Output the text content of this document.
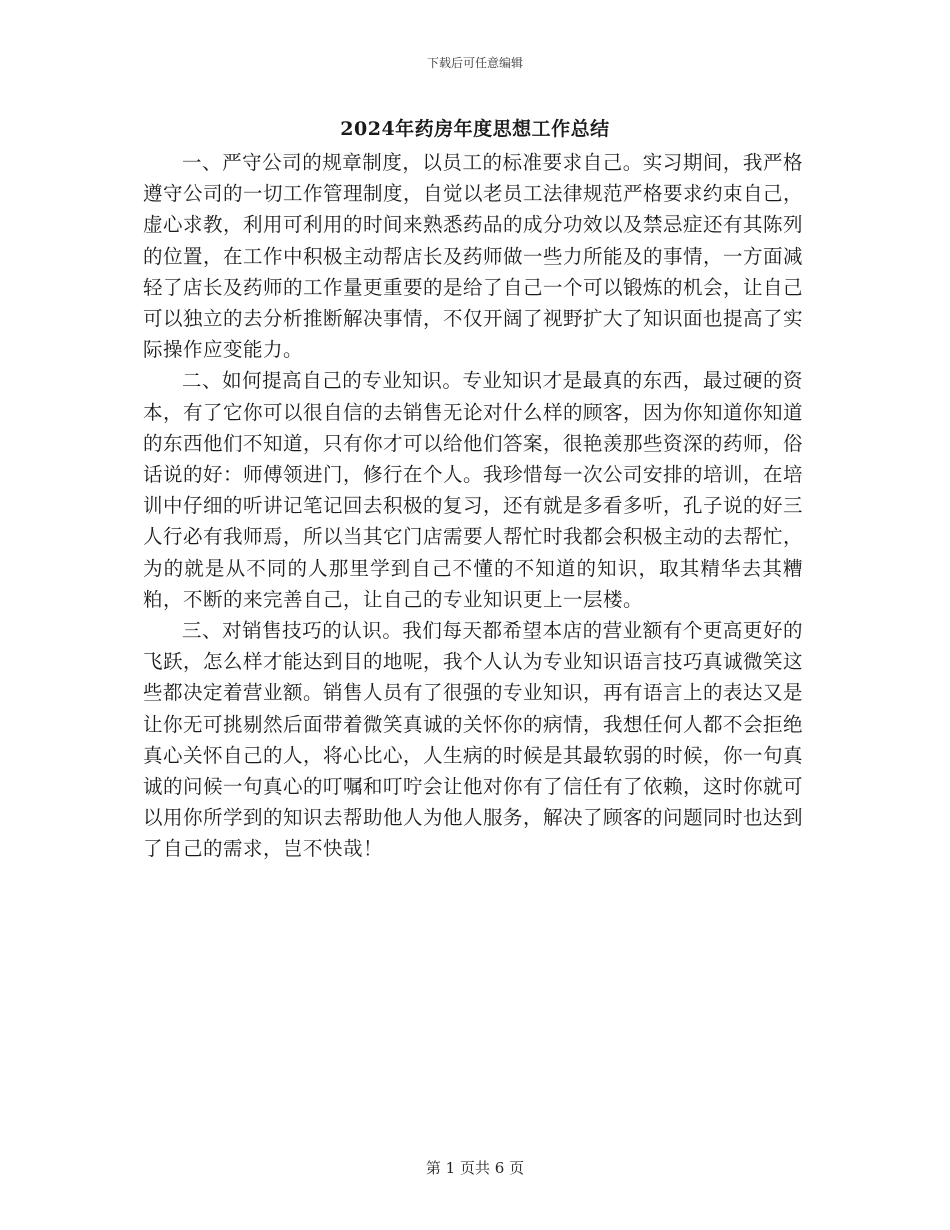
下载后可任意编辑
2024年药房年度思想工作总结

一、严守公司的规章制度，以员工的标准要求自己。实习期间，我严格遵守公司的一切工作管理制度，自觉以老员工法律规范严格要求约束自己，虚心求教，利用可利用的时间来熟悉药品的成分功效以及禁忌症还有其陈列的位置，在工作中积极主动帮店长及药师做一些力所能及的事情，一方面减轻了店长及药师的工作量更重要的是给了自己一个可以锻炼的机会，让自己可以独立的去分析推断解决事情，不仅开阔了视野扩大了知识面也提高了实际操作应变能力。

二、如何提高自己的专业知识。专业知识才是最真的东西，最过硬的资本，有了它你可以很自信的去销售无论对什么样的顾客，因为你知道你知道的东西他们不知道，只有你才可以给他们答案，很艳羡那些资深的药师，俗话说的好：师傅领进门，修行在个人。我珍惜每一次公司安排的培训，在培训中仔细的听讲记笔记回去积极的复习，还有就是多看多听，孔子说的好三人行必有我师焉，所以当其它门店需要人帮忙时我都会积极主动的去帮忙，为的就是从不同的人那里学到自己不懂的不知道的知识，取其精华去其糟粕，不断的来完善自己，让自己的专业知识更上一层楼。

三、对销售技巧的认识。我们每天都希望本店的营业额有个更高更好的飞跃，怎么样才能达到目的地呢，我个人认为专业知识语言技巧真诚微笑这些都决定着营业额。销售人员有了很强的专业知识，再有语言上的表达又是让你无可挑剔然后面带着微笑真诚的关怀你的病情，我想任何人都不会拒绝真心关怀自己的人，将心比心，人生病的时候是其最软弱的时候，你一句真诚的问候一句真心的叮嘱和叮咛会让他对你有了信任有了依赖，这时你就可以用你所学到的知识去帮助他人为他人服务，解决了顾客的问题同时也达到了自己的需求，岂不快哉！

第 1 页共 6 页
